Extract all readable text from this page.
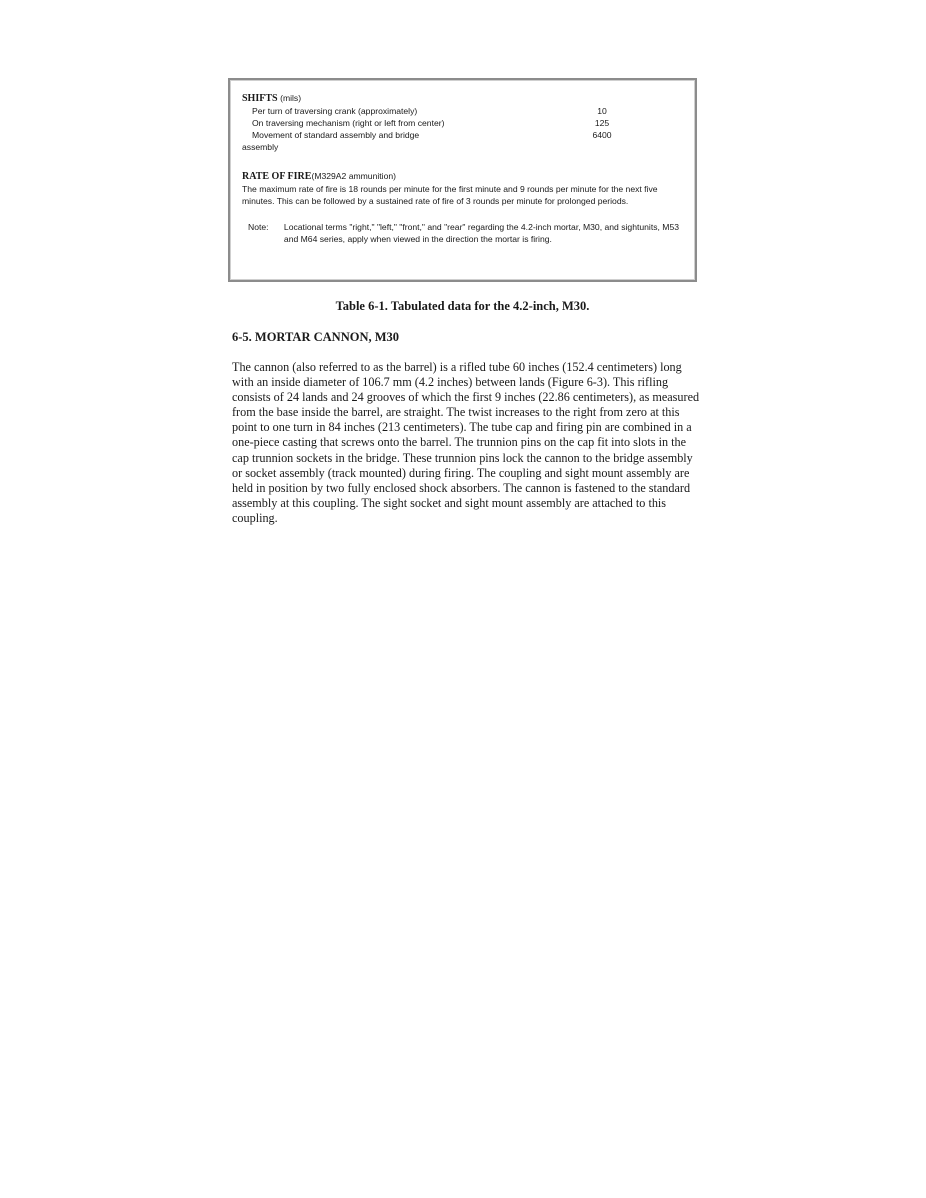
SHIFTS (mils)
Per turn of traversing crank (approximately)	10
On traversing mechanism (right or left from center)	125
Movement of standard assembly and bridge	6400
assembly
RATE OF FIRE(M329A2 ammunition)
The maximum rate of fire is 18 rounds per minute for the first minute and 9 rounds per minute for the next five minutes. This can be followed by a sustained rate of fire of 3 rounds per minute for prolonged periods.
Note:	Locational terms "right," "left," "front," and "rear" regarding the 4.2-inch mortar, M30, and sightunits, M53 and M64 series, apply when viewed in the direction the mortar is firing.
Table 6-1. Tabulated data for the 4.2-inch, M30.
6-5. MORTAR CANNON, M30
The cannon (also referred to as the barrel) is a rifled tube 60 inches (152.4 centimeters) long with an inside diameter of 106.7 mm (4.2 inches) between lands (Figure 6-3). This rifling consists of 24 lands and 24 grooves of which the first 9 inches (22.86 centimeters), as measured from the base inside the barrel, are straight. The twist increases to the right from zero at this point to one turn in 84 inches (213 centimeters). The tube cap and firing pin are combined in a one-piece casting that screws onto the barrel. The trunnion pins on the cap fit into slots in the cap trunnion sockets in the bridge. These trunnion pins lock the cannon to the bridge assembly or socket assembly (track mounted) during firing. The coupling and sight mount assembly are held in position by two fully enclosed shock absorbers. The cannon is fastened to the standard assembly at this coupling. The sight socket and sight mount assembly are attached to this coupling.
